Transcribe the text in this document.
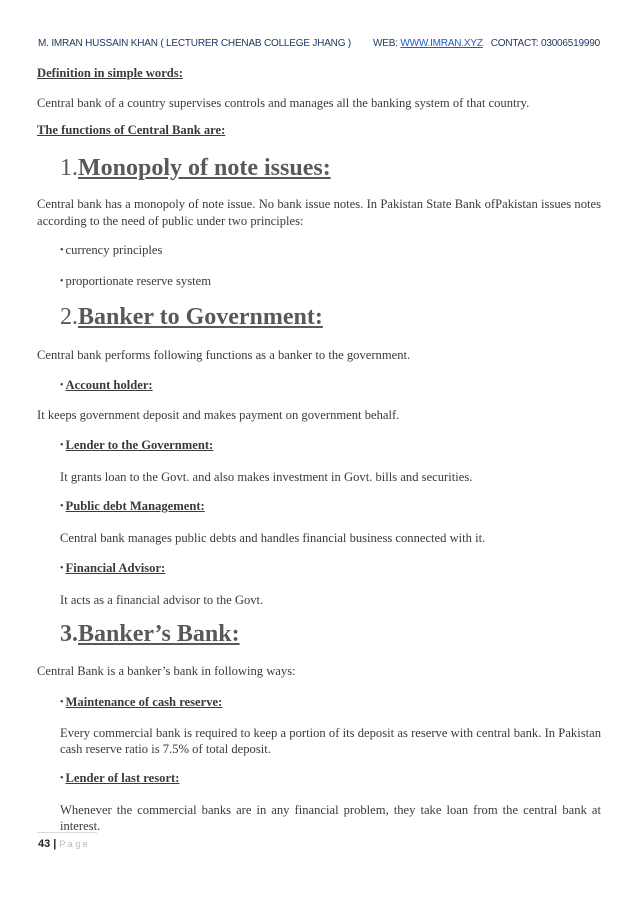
M. IMRAN HUSSAIN KHAN ( LECTURER CHENAB COLLEGE JHANG ) WEB: WWW.IMRAN.XYZ CONTACT: 03006519990
Definition in simple words:
Central bank of a country supervises controls and manages all the banking system of that country.
The functions of Central Bank are:
1.Monopoly of note issues:
Central bank has a monopoly of note issue. No bank issue notes. In Pakistan State Bank ofPakistan issues notes according to the need of public under two principles:
• currency principles
• proportionate reserve system
2.Banker to Government:
Central bank performs following functions as a banker to the government.
• Account holder:
It keeps government deposit and makes payment on government behalf.
• Lender to the Government:
It grants loan to the Govt. and also makes investment in Govt. bills and securities.
• Public debt Management:
Central bank manages public debts and handles financial business connected with it.
• Financial Advisor:
It acts as a financial advisor to the Govt.
3.Banker’s Bank:
Central Bank is a banker’s bank in following ways:
• Maintenance of cash reserve:
Every commercial bank is required to keep a portion of its deposit as reserve with central bank. In Pakistan cash reserve ratio is 7.5% of total deposit.
• Lender of last resort:
Whenever the commercial banks are in any financial problem, they take loan from the central bank at interest.
43 | P a g e
